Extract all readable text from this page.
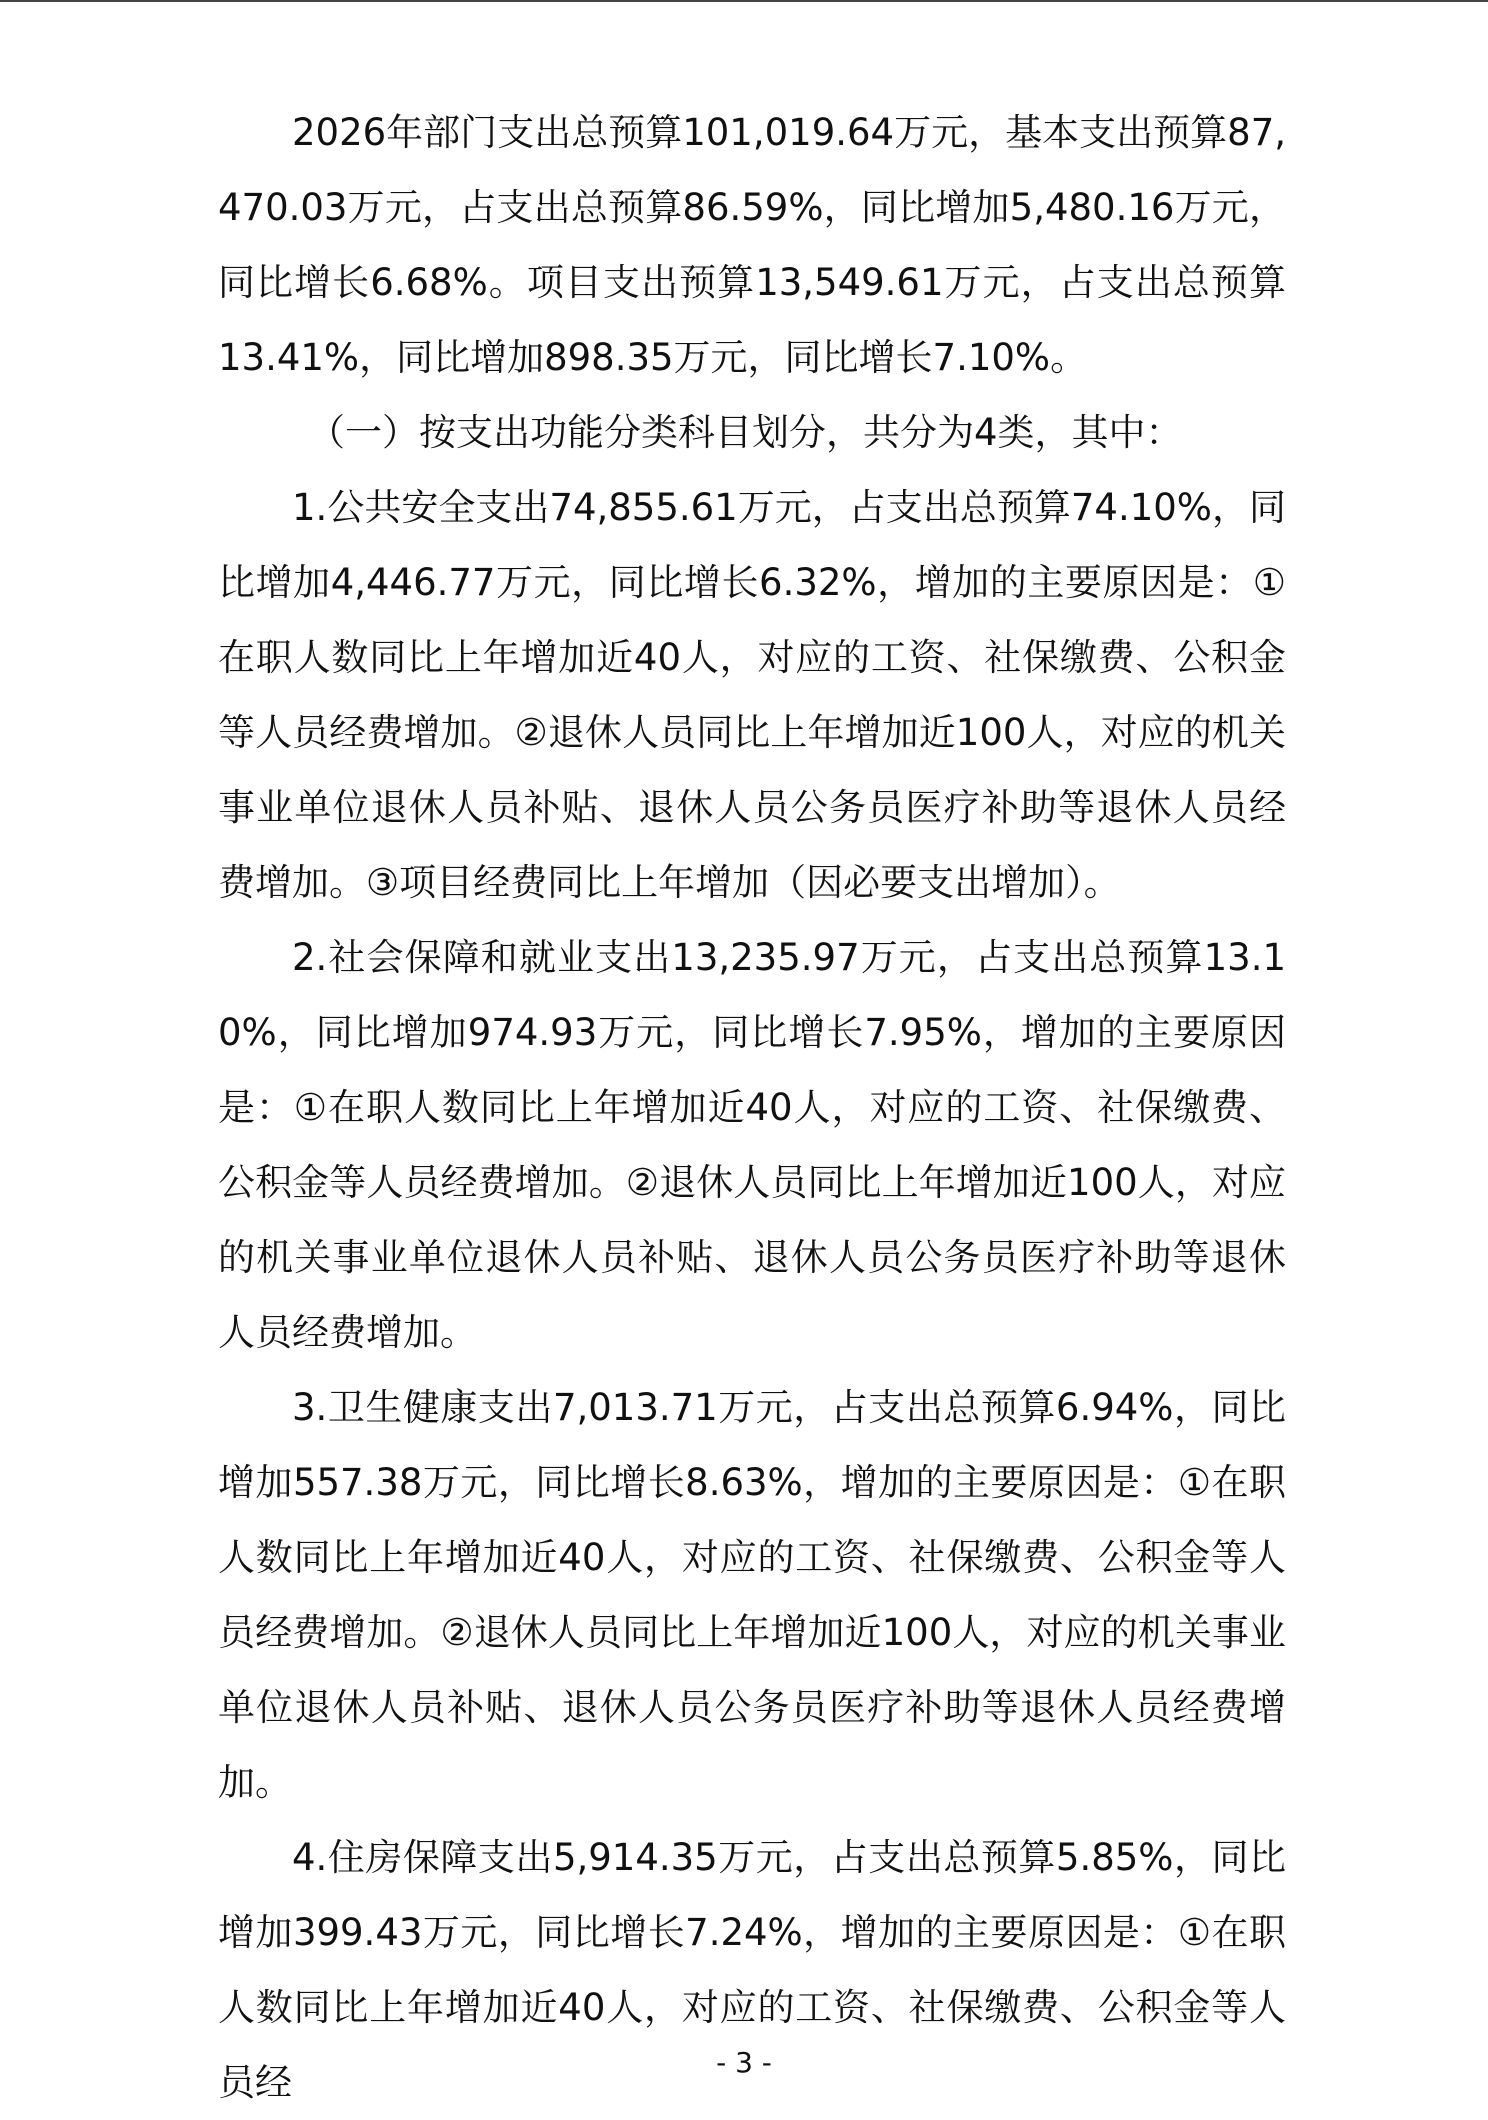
2026年部门支出总预算101,019.64万元，基本支出预算87,470.03万元，占支出总预算86.59%，同比增加5,480.16万元，同比增长6.68%。项目支出预算13,549.61万元，占支出总预算13.41%，同比增加898.35万元，同比增长7.10%。

（一）按支出功能分类科目划分，共分为4类，其中：

1.公共安全支出74,855.61万元，占支出总预算74.10%，同比增加4,446.77万元，同比增长6.32%，增加的主要原因是：①在职人数同比上年增加近40人，对应的工资、社保缴费、公积金等人员经费增加。②退休人员同比上年增加近100人，对应的机关事业单位退休人员补贴、退休人员公务员医疗补助等退休人员经费增加。③项目经费同比上年增加（因必要支出增加）。

2.社会保障和就业支出13,235.97万元，占支出总预算13.10%，同比增加974.93万元，同比增长7.95%，增加的主要原因是：①在职人数同比上年增加近40人，对应的工资、社保缴费、公积金等人员经费增加。②退休人员同比上年增加近100人，对应的机关事业单位退休人员补贴、退休人员公务员医疗补助等退休人员经费增加。

3.卫生健康支出7,013.71万元，占支出总预算6.94%，同比增加557.38万元，同比增长8.63%，增加的主要原因是：①在职人数同比上年增加近40人，对应的工资、社保缴费、公积金等人员经费增加。②退休人员同比上年增加近100人，对应的机关事业单位退休人员补贴、退休人员公务员医疗补助等退休人员经费增加。

4.住房保障支出5,914.35万元，占支出总预算5.85%，同比增加399.43万元，同比增长7.24%，增加的主要原因是：①在职人数同比上年增加近40人，对应的工资、社保缴费、公积金等人员经	- 3 -
